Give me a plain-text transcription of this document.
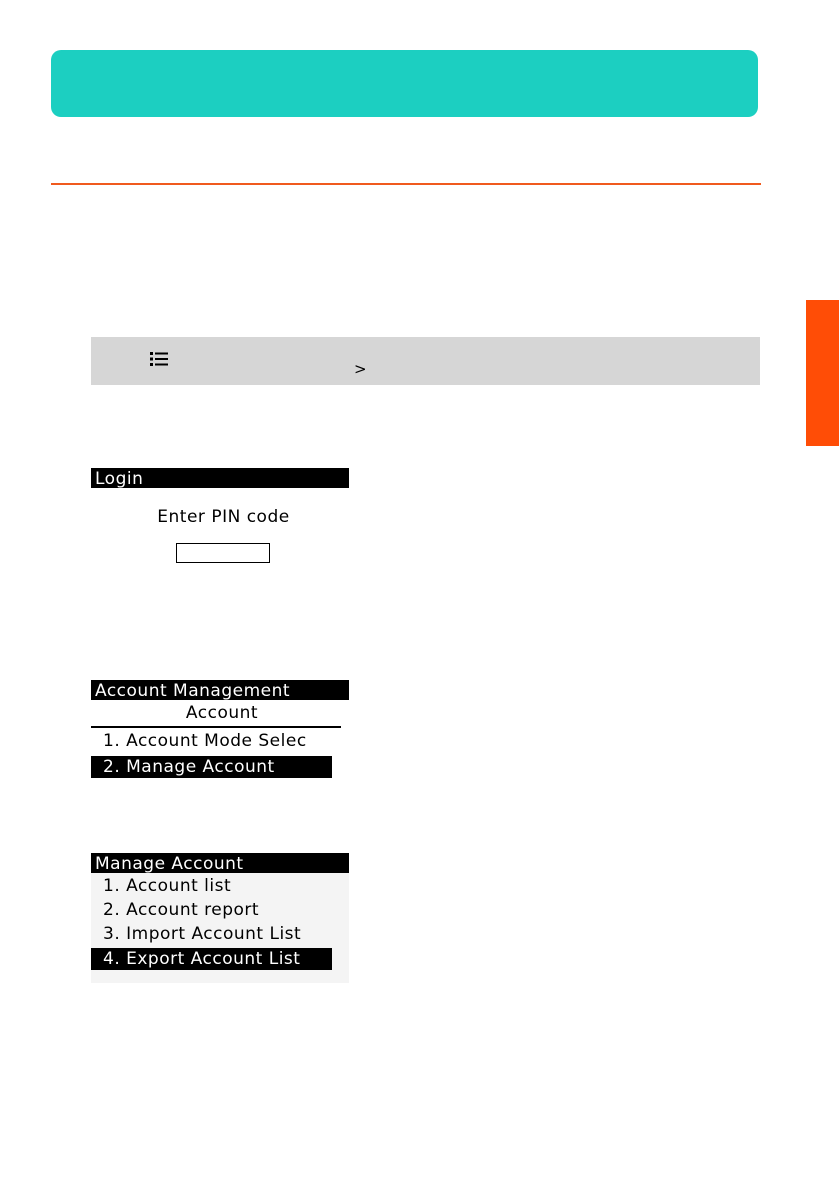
>
Login
Enter PIN code
Account Management
Account
1. Account Mode Selec
2. Manage Account
Manage Account	▾
1. Account list
2. Account report
3. Import Account List
4. Export Account List
